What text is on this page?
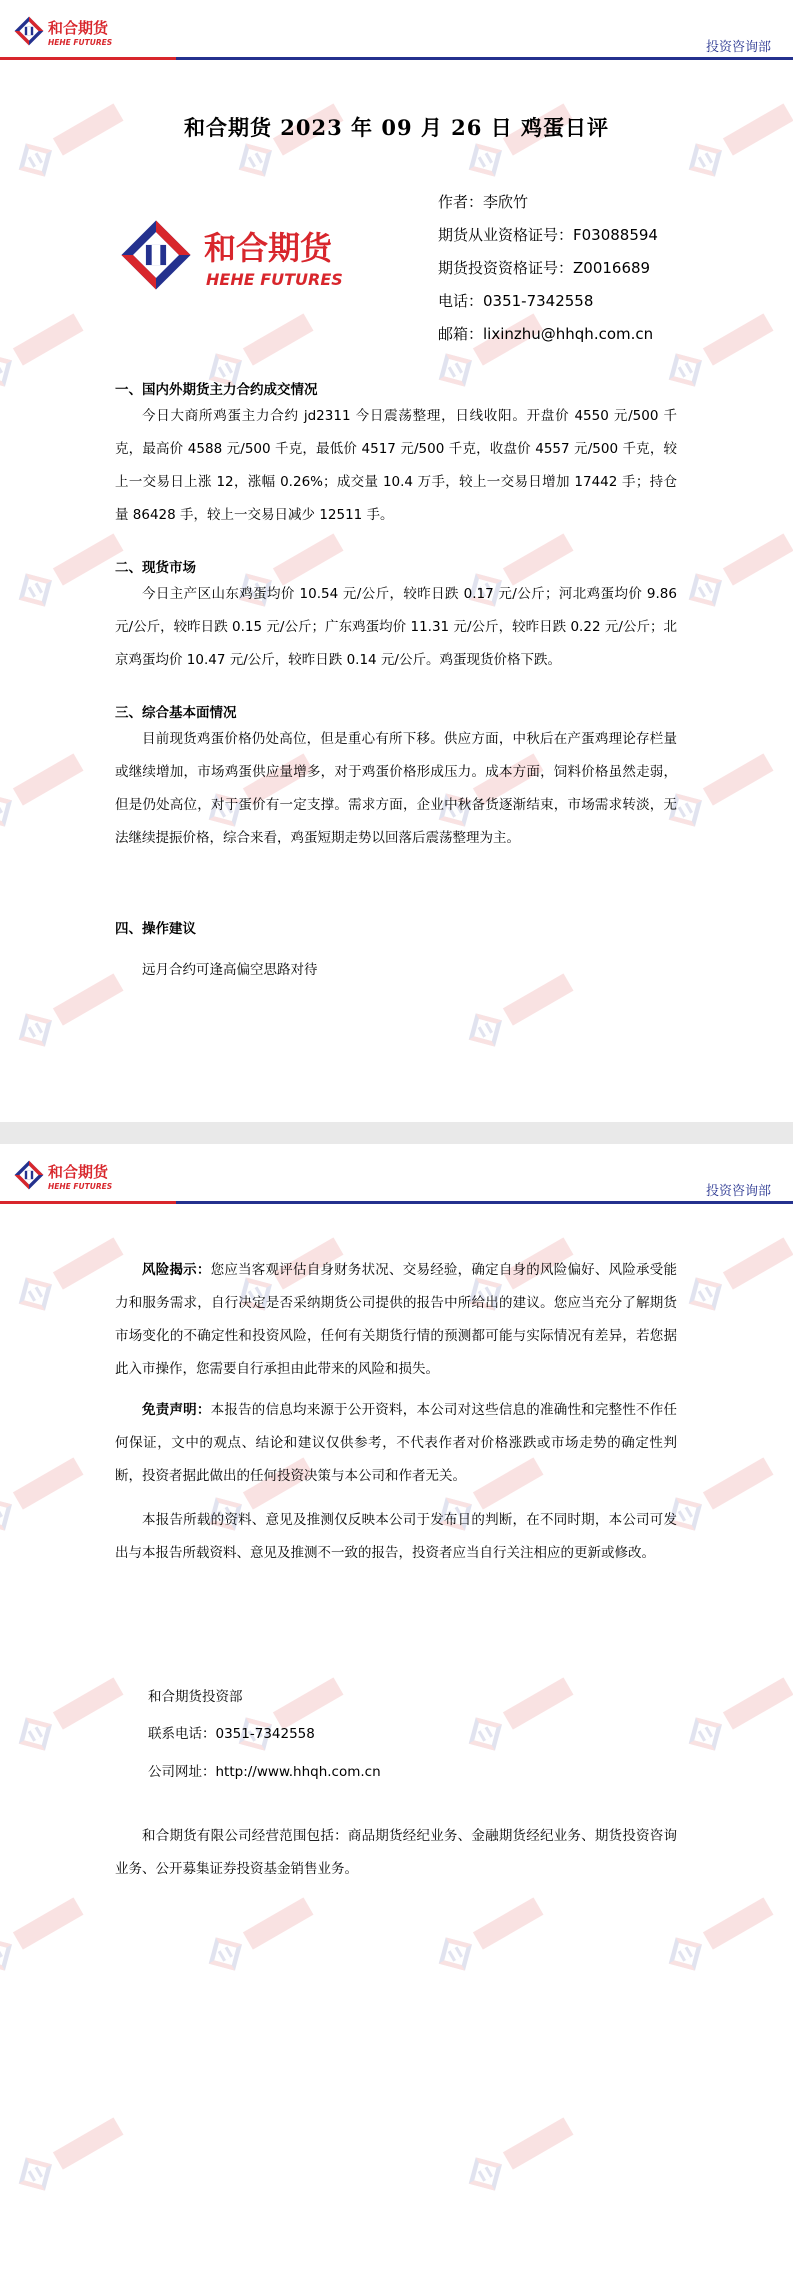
和合期货
HEHE FUTURES	投资咨询部
和合期货 2023 年 09 月 26 日 鸡蛋日评
和合期货
HEHE FUTURES
作者：李欣竹
期货从业资格证号：F03088594
期货投资资格证号：Z0016689
电话：0351-7342558
邮箱：lixinzhu@hhqh.com.cn
一、国内外期货主力合约成交情况

今日大商所鸡蛋主力合约 jd2311 今日震荡整理，日线收阳。开盘价 4550 元/500 千克，最高价 4588 元/500 千克，最低价 4517 元/500 千克，收盘价 4557 元/500 千克，较上一交易日上涨 12，涨幅 0.26%；成交量 10.4 万手，较上一交易日增加 17442 手；持仓量 86428 手，较上一交易日减少 12511 手。

二、现货市场

今日主产区山东鸡蛋均价 10.54 元/公斤，较昨日跌 0.17 元/公斤；河北鸡蛋均价 9.86 元/公斤，较昨日跌 0.15 元/公斤；广东鸡蛋均价 11.31 元/公斤，较昨日跌 0.22 元/公斤；北京鸡蛋均价 10.47 元/公斤，较昨日跌 0.14 元/公斤。鸡蛋现货价格下跌。

三、综合基本面情况

目前现货鸡蛋价格仍处高位，但是重心有所下移。供应方面，中秋后在产蛋鸡理论存栏量或继续增加，市场鸡蛋供应量增多，对于鸡蛋价格形成压力。成本方面，饲料价格虽然走弱，但是仍处高位，对于蛋价有一定支撑。需求方面，企业中秋备货逐渐结束，市场需求转淡，无法继续提振价格，综合来看，鸡蛋短期走势以回落后震荡整理为主。

四、操作建议

远月合约可逢高偏空思路对待

和合期货
HEHE FUTURES	投资咨询部

风险揭示：您应当客观评估自身财务状况、交易经验，确定自身的风险偏好、风险承受能力和服务需求，自行决定是否采纳期货公司提供的报告中所给出的建议。您应当充分了解期货市场变化的不确定性和投资风险，任何有关期货行情的预测都可能与实际情况有差异，若您据此入市操作，您需要自行承担由此带来的风险和损失。

免责声明：本报告的信息均来源于公开资料，本公司对这些信息的准确性和完整性不作任何保证，文中的观点、结论和建议仅供参考，不代表作者对价格涨跌或市场走势的确定性判断，投资者据此做出的任何投资决策与本公司和作者无关。

本报告所载的资料、意见及推测仅反映本公司于发布日的判断，在不同时期，本公司可发出与本报告所载资料、意见及推测不一致的报告，投资者应当自行关注相应的更新或修改。

和合期货投资部
联系电话：0351-7342558
公司网址：http://www.hhqh.com.cn

和合期货有限公司经营范围包括：商品期货经纪业务、金融期货经纪业务、期货投资咨询业务、公开募集证券投资基金销售业务。
